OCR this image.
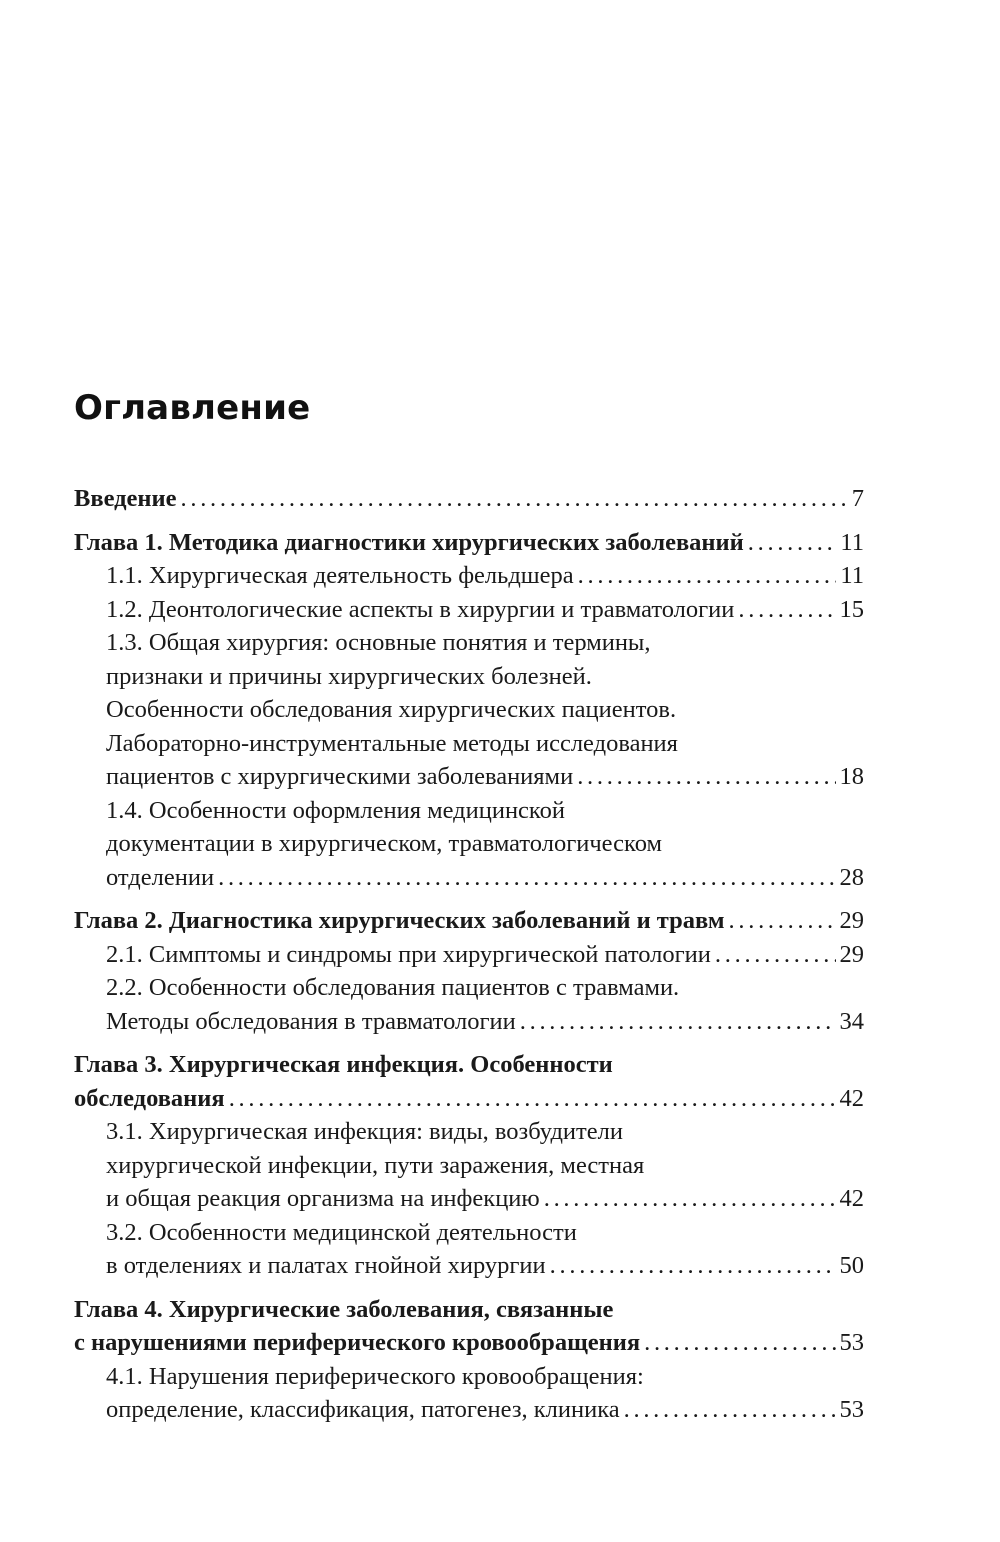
Оглавление
Введение . . .	7
Глава 1. Методика диагностики хирургических заболеваний . . .	11
1.1. Хирургическая деятельность фельдшера . . .	11
1.2. Деонтологические аспекты в хирургии и травматологии . . .	15
1.3. Общая хирургия: основные понятия и термины,
признаки и причины хирургических болезней.
Особенности обследования хирургических пациентов.
Лабораторно-инструментальные методы исследования
пациентов с хирургическими заболеваниями . . .	18
1.4. Особенности оформления медицинской
документации в хирургическом, травматологическом
отделении . . .	28
Глава 2. Диагностика хирургических заболеваний и травм . . .	29
2.1. Симптомы и синдромы при хирургической патологии . . .	29
2.2. Особенности обследования пациентов с травмами.
Методы обследования в травматологии . . .	34
Глава 3. Хирургическая инфекция. Особенности
обследования . . .	42
3.1. Хирургическая инфекция: виды, возбудители
хирургической инфекции, пути заражения, местная
и общая реакция организма на инфекцию . . .	42
3.2. Особенности медицинской деятельности
в отделениях и палатах гнойной хирургии . . .	50
Глава 4. Хирургические заболевания, связанные
с нарушениями периферического кровообращения . . .	53
4.1. Нарушения периферического кровообращения:
определение, классификация, патогенез, клиника . . .	53
